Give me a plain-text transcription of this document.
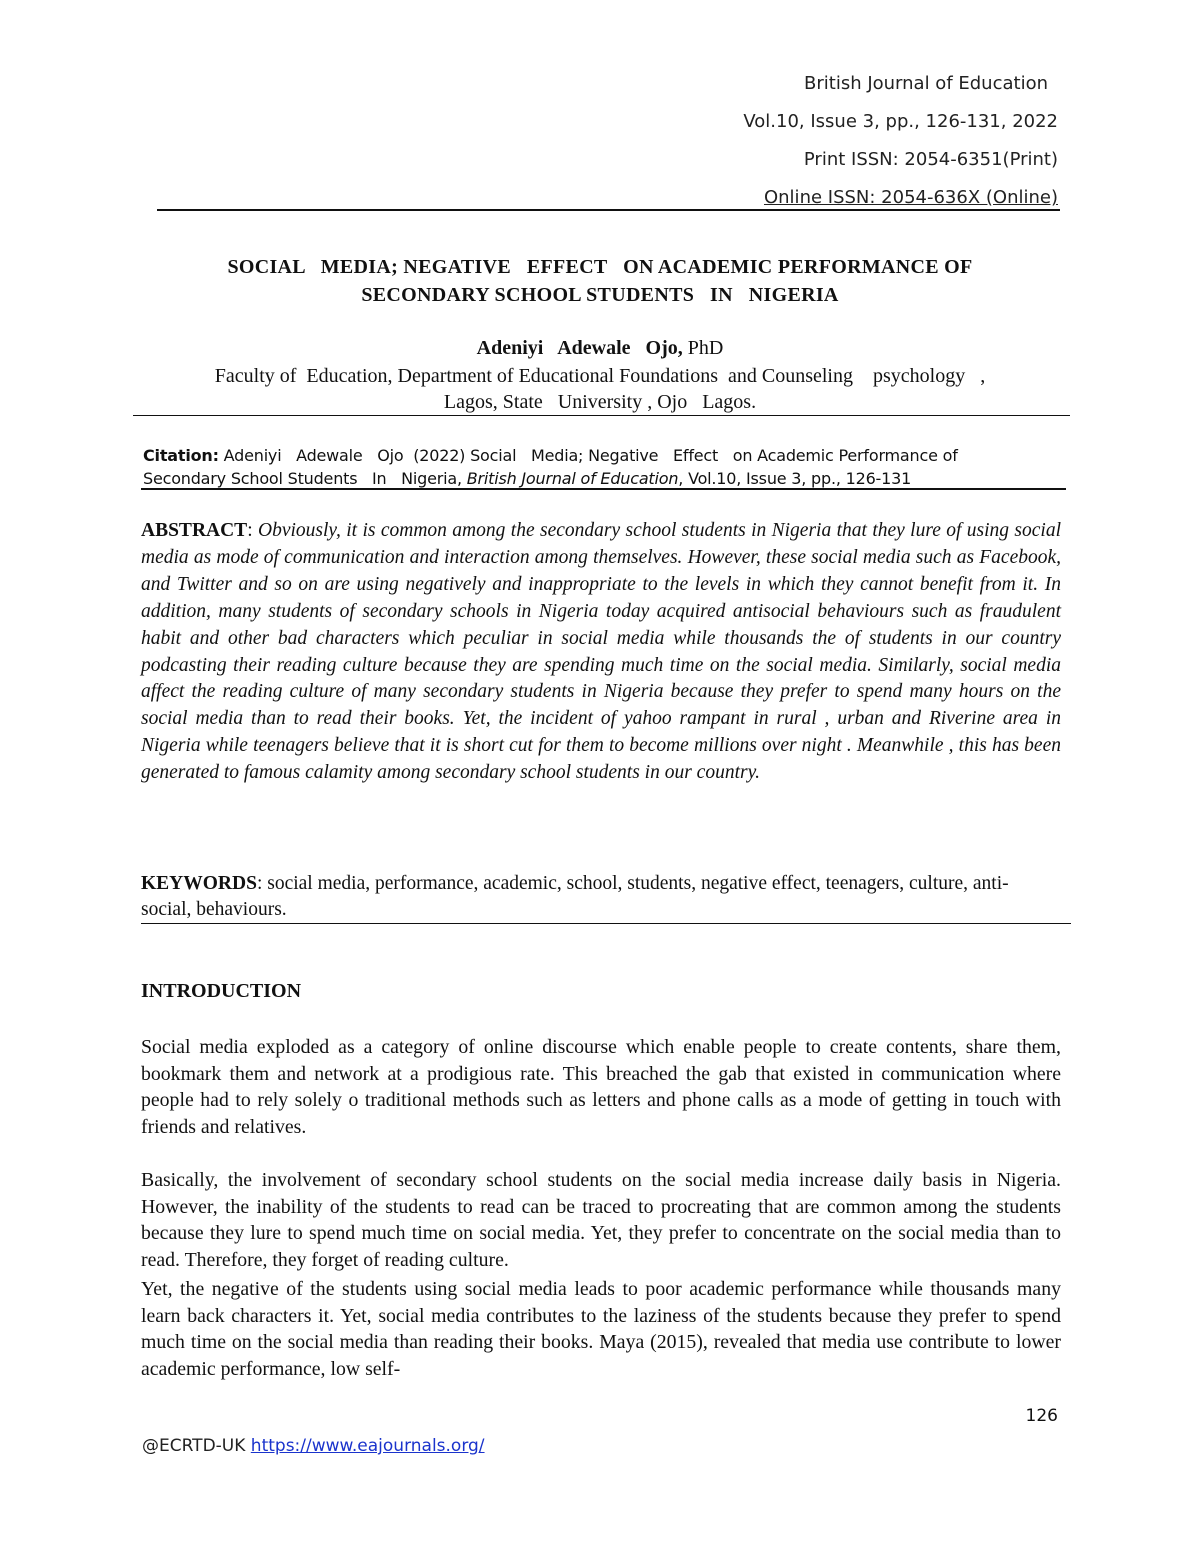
British Journal of Education
Vol.10, Issue 3, pp., 126-131, 2022
Print ISSN: 2054-6351(Print)
Online ISSN: 2054-636X (Online)
SOCIAL   MEDIA; NEGATIVE   EFFECT   ON ACADEMIC PERFORMANCE OF
SECONDARY SCHOOL STUDENTS   IN   NIGERIA
Adeniyi   Adewale   Ojo, PhD
Faculty of  Education, Department of Educational Foundations  and Counseling    psychology   ,
Lagos, State   University , Ojo   Lagos.
Citation: Adeniyi   Adewale   Ojo  (2022) Social   Media; Negative   Effect   on Academic Performance of
Secondary School Students   In   Nigeria, British Journal of Education, Vol.10, Issue 3, pp., 126-131
ABSTRACT: Obviously, it is common among the secondary school students in Nigeria that they lure of using social media as mode of communication and interaction among themselves. However, these social media such as Facebook, and Twitter and so on are using negatively and inappropriate to the levels in which they cannot benefit from it. In addition, many students of secondary schools in Nigeria today acquired antisocial behaviours such as fraudulent habit and other bad characters which peculiar in social media while thousands the of students in our country podcasting their reading culture because they are spending much time on the social media. Similarly, social media affect the reading culture of many secondary students in Nigeria because they prefer to spend many hours on the social media than to read their books. Yet, the incident of yahoo rampant in rural , urban and Riverine area in Nigeria while teenagers believe that it is short cut for them to become millions over night . Meanwhile , this has been generated to famous calamity among secondary school students in our country.
KEYWORDS: social media, performance, academic, school, students, negative effect, teenagers, culture, anti- social, behaviours.
INTRODUCTION
Social media exploded as a category of online discourse which enable people to create contents, share them, bookmark them and network at a prodigious rate. This breached the gab that existed in communication where people had to rely solely o traditional methods such as letters and phone calls as a mode of getting in touch with friends and relatives.
Basically, the involvement of secondary school students on the social media increase daily basis in Nigeria. However, the inability of the students to read can be traced to procreating that are common among the students because they lure to spend much time on social media. Yet, they prefer to concentrate on the social media than to read. Therefore, they forget of reading culture.
Yet, the negative of the students using social media leads to poor academic performance while thousands many learn back characters it. Yet, social media contributes to the laziness of the students because they prefer to spend much time on the social media than reading their books. Maya (2015), revealed that media use contribute to lower academic performance, low self-
126
@ECRTD-UK https://www.eajournals.org/
